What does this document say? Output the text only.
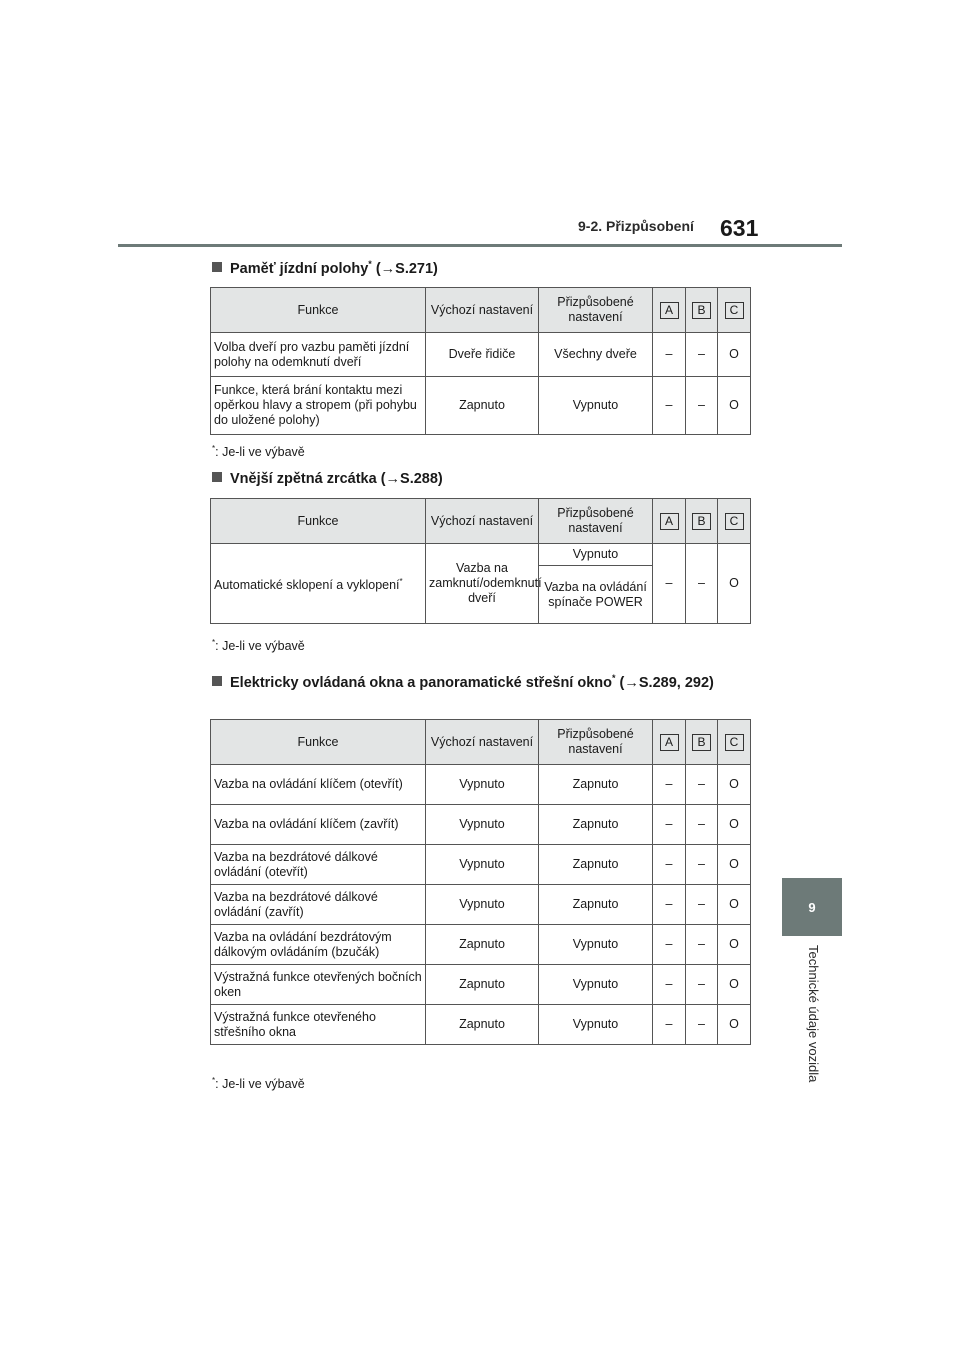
9-2. Přizpůsobení 631
9
Technické údaje vozidla
Paměť jízdní polohy* (→S.271)
Funkce	Výchozí nastavení	Přizpůsobené nastavení	A	B	C
Volba dveří pro vazbu paměti jízdní polohy na odemknutí dveří	Dveře řidiče	Všechny dveře	–	–	O
Funkce, která brání kontaktu mezi opěrkou hlavy a stropem (při pohybu do uložené polohy)	Zapnuto	Vypnuto	–	–	O
*: Je-li ve výbavě
Vnější zpětná zrcátka (→S.288)
Funkce	Výchozí nastavení	Přizpůsobené nastavení	A	B	C
Automatické sklopení a vyklopení*	Vazba na zamknutí/odemknutí dveří	Vypnuto	–	–	O
		Vazba na ovládání spínače POWER			
*: Je-li ve výbavě
Elektricky ovládaná okna a panoramatické střešní okno* (→S.289, 292)
Funkce	Výchozí nastavení	Přizpůsobené nastavení	A	B	C
Vazba na ovládání klíčem (otevřít)	Vypnuto	Zapnuto	–	–	O
Vazba na ovládání klíčem (zavřít)	Vypnuto	Zapnuto	–	–	O
Vazba na bezdrátové dálkové ovládání (otevřít)	Vypnuto	Zapnuto	–	–	O
Vazba na bezdrátové dálkové ovládání (zavřít)	Vypnuto	Zapnuto	–	–	O
Vazba na ovládání bezdrátovým dálkovým ovládáním (bzučák)	Zapnuto	Vypnuto	–	–	O
Výstražná funkce otevřených bočních oken	Zapnuto	Vypnuto	–	–	O
Výstražná funkce otevřeného střešního okna	Zapnuto	Vypnuto	–	–	O
*: Je-li ve výbavě
